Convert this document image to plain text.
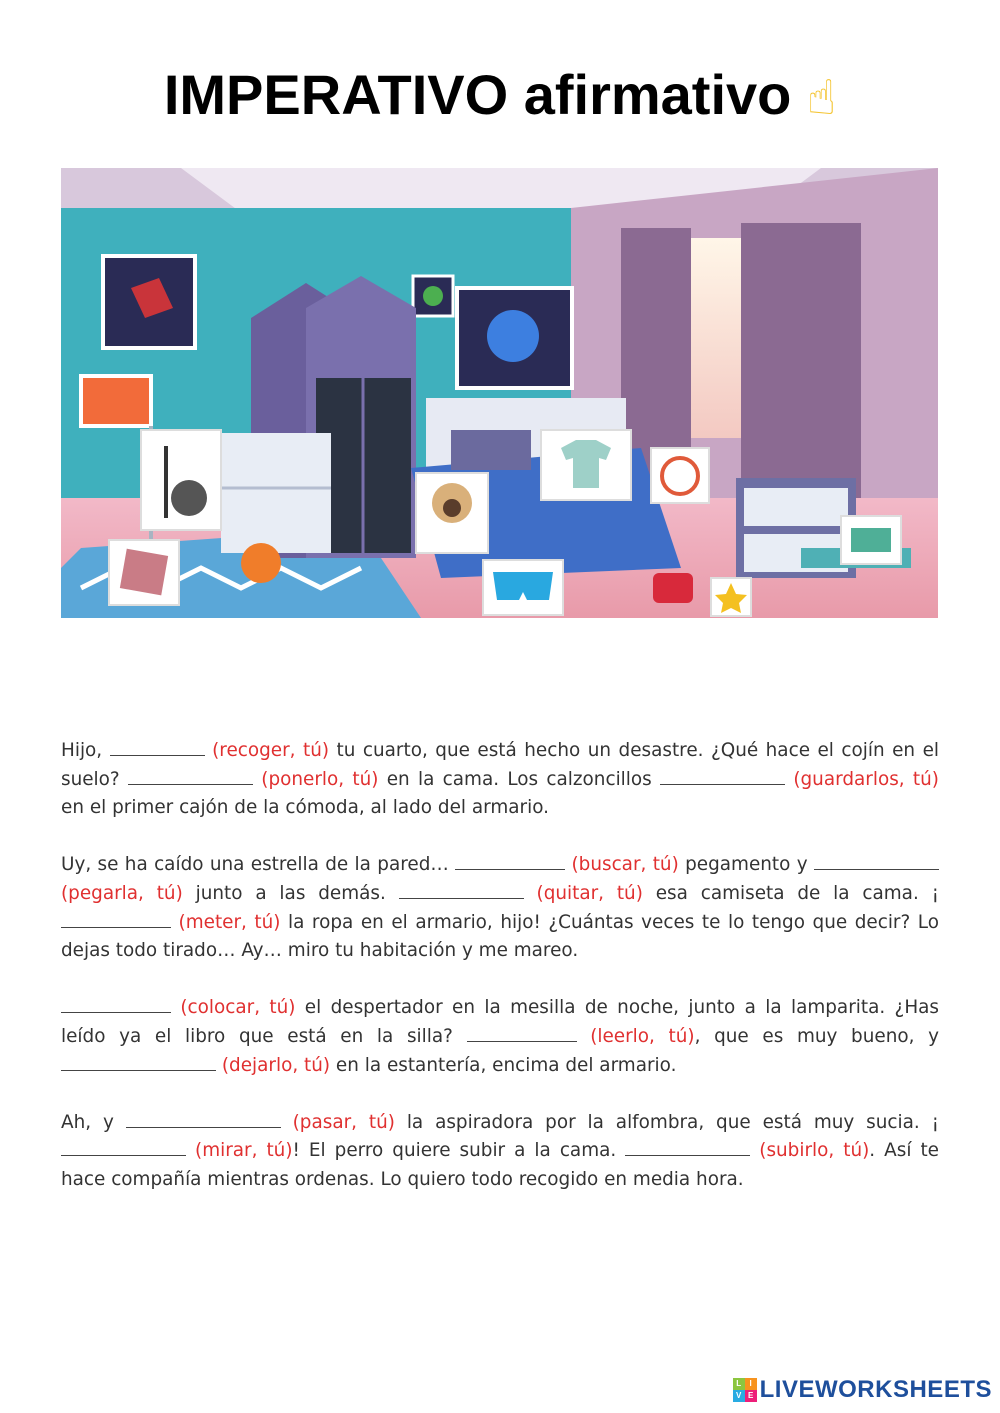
IMPERATIVO afirmativo ☝

Hijo,	(recoger, tú) tu cuarto, que está hecho un desastre. ¿Qué hace el cojín en el suelo?	(ponerlo, tú) en la cama. Los calzoncillos	(guardarlos, tú) en el primer cajón de la cómoda, al lado del armario.

Uy, se ha caído una estrella de la pared…	(buscar, tú) pegamento y  (pegarla, tú) junto a las demás.	(quitar, tú) esa camiseta de la cama. ¡ (meter, tú) la ropa en el armario, hijo! ¿Cuántas veces te lo tengo que decir? Lo dejas todo tirado… Ay… miro tu habitación y me mareo.

(colocar, tú) el despertador en la mesilla de noche, junto a la lamparita. ¿Has leído ya el libro que está en la silla?	(leerlo, tú), que es muy bueno, y  (dejarlo, tú) en la estantería, encima del armario.

Ah, y	(pasar, tú) la aspiradora por la alfombra, que está muy sucia. ¡ (mirar, tú)! El perro quiere subir a la cama.	(subirlo, tú). Así te hace compañía mientras ordenas. Lo quiero todo recogido en media hora.

L	I
V E LIVEWORKSHEETS
